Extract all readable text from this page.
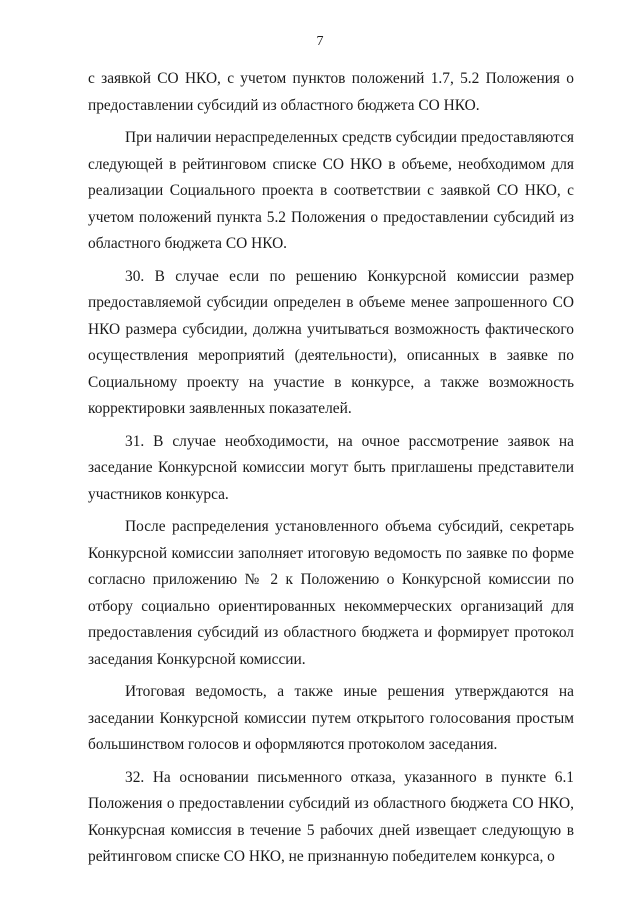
7

с заявкой СО НКО, с учетом пунктов положений 1.7, 5.2 Положения о предоставлении субсидий из областного бюджета СО НКО.

При наличии нераспределенных средств субсидии предоставляются следующей в рейтинговом списке СО НКО в объеме, необходимом для реализации Социального проекта в соответствии с заявкой СО НКО, с учетом положений пункта 5.2 Положения о предоставлении субсидий из областного бюджета СО НКО.

30. В случае если по решению Конкурсной комиссии размер предоставляемой субсидии определен в объеме менее запрошенного СО НКО размера субсидии, должна учитываться возможность фактического осуществления мероприятий (деятельности), описанных в заявке по Социальному проекту на участие в конкурсе, а также возможность корректировки заявленных показателей.

31. В случае необходимости, на очное рассмотрение заявок на заседание Конкурсной комиссии могут быть приглашены представители участников конкурса.

После распределения установленного объема субсидий, секретарь Конкурсной комиссии заполняет итоговую ведомость по заявке по форме согласно приложению № 2 к Положению о Конкурсной комиссии по отбору социально ориентированных некоммерческих организаций для предоставления субсидий из областного бюджета и формирует протокол заседания Конкурсной комиссии.

Итоговая ведомость, а также иные решения утверждаются на заседании Конкурсной комиссии путем открытого голосования простым большинством голосов и оформляются протоколом заседания.

32. На основании письменного отказа, указанного в пункте 6.1 Положения о предоставлении субсидий из областного бюджета СО НКО, Конкурсная комиссия в течение 5 рабочих дней извещает следующую в рейтинговом списке СО НКО, не признанную победителем конкурса, о
